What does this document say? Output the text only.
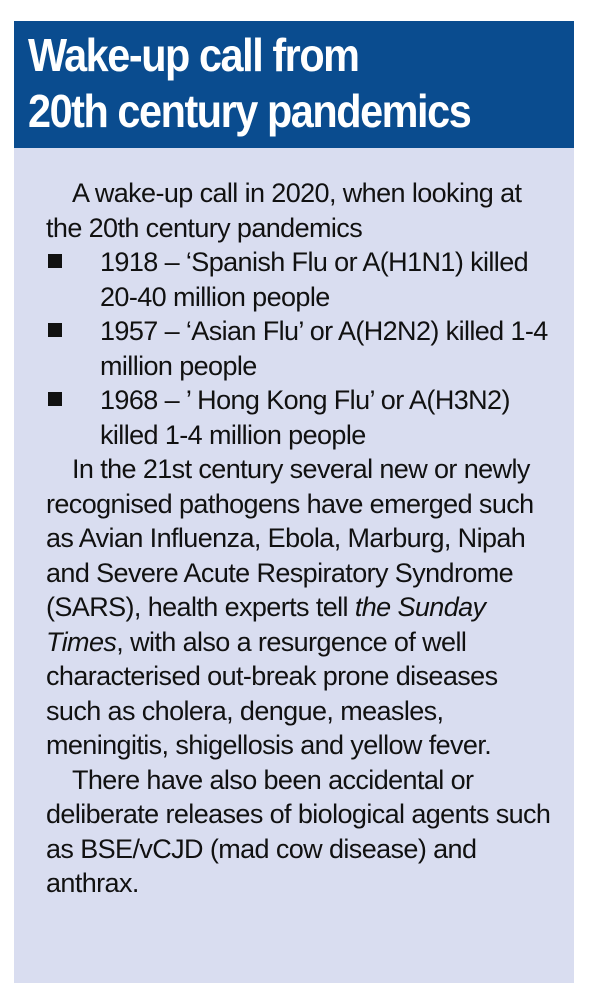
Wake-up call from
20th century pandemics

A wake-up call in 2020, when looking at the 20th century pandemics

1918 – ‘Spanish Flu or A(H1N1) killed 20-40 million people
1957 – ‘Asian Flu’ or A(H2N2) killed 1-4 million people
1968 – ’ Hong Kong Flu’ or A(H3N2) killed 1-4 million people

In the 21st century several new or newly recognised pathogens have emerged such as Avian Influenza, Ebola, Marburg, Nipah and Severe Acute Respiratory Syndrome (SARS), health experts tell the Sunday Times, with also a resurgence of well characterised out-break prone diseases such as cholera, dengue, measles, meningitis, shigellosis and yellow fever.

There have also been accidental or deliberate releases of biological agents such as BSE/vCJD (mad cow disease) and anthrax.
